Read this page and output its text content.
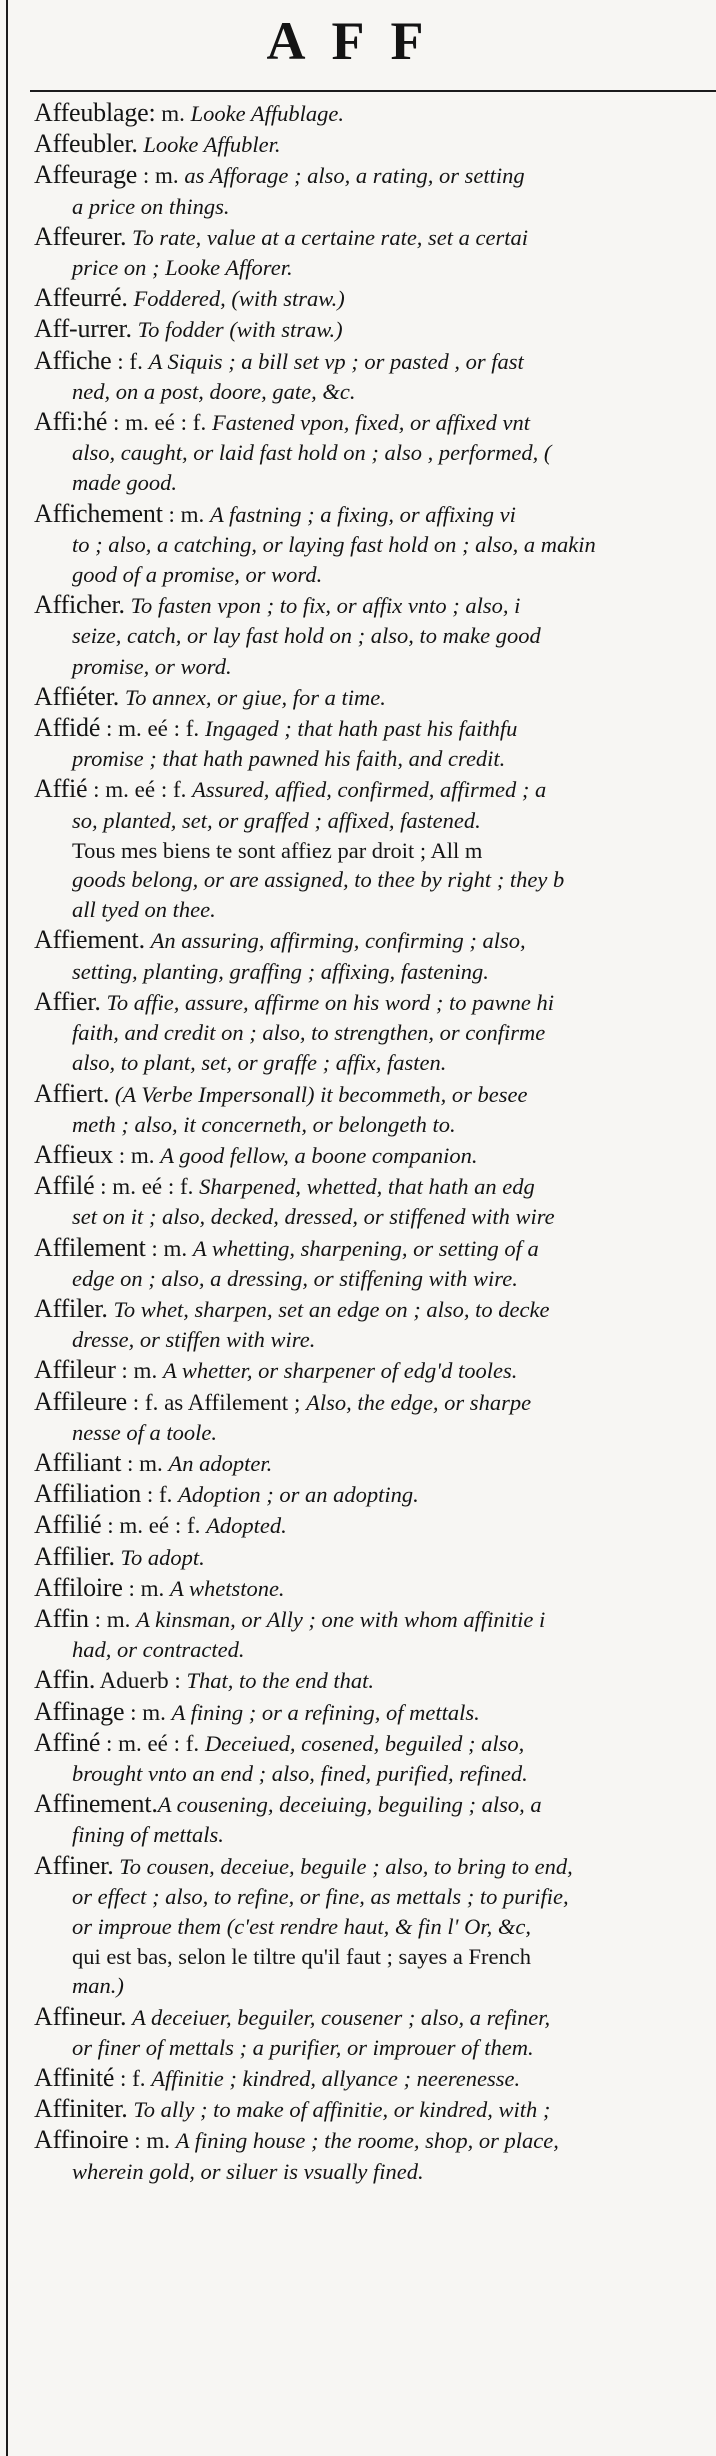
AFF
Affeublage: m. Looke Affublage.
Affeubler. Looke Affubler.
Affeurage : m. as Afforage ; also, a rating, or setting
a price on things.
Affeurer. To rate, value at a certaine rate, set a certai
price on ; Looke Afforer.
Affeurré. Foddered, (with straw.)
Aff-urrer. To fodder (with straw.)
Affiche : f. A Siquis ; a bill set vp ; or pasted , or fast
ned, on a post, doore, gate, &c.
Affi:hé : m. eé : f. Fastened vpon, fixed, or affixed vnt
also, caught, or laid fast hold on ; also , performed, (
made good.
Affichement : m. A fastning ; a fixing, or affixing vi
to ; also, a catching, or laying fast hold on ; also, a makin
good of a promise, or word.
Afficher. To fasten vpon ; to fix, or affix vnto ; also, i
seize, catch, or lay fast hold on ; also, to make good
promise, or word.
Affiéter. To annex, or giue, for a time.
Affidé : m. eé : f. Ingaged ; that hath past his faithfu
promise ; that hath pawned his faith, and credit.
Affié : m. eé : f. Assured, affied, confirmed, affirmed ; a
so, planted, set, or graffed ; affixed, fastened.
Tous mes biens te sont affiez par droit ; All m
goods belong, or are assigned, to thee by right ; they b
all tyed on thee.
Affiement. An assuring, affirming, confirming ; also,
setting, planting, graffing ; affixing, fastening.
Affier. To affie, assure, affirme on his word ; to pawne hi
faith, and credit on ; also, to strengthen, or confirme
also, to plant, set, or graffe ; affix, fasten.
Affiert. (A Verbe Impersonall) it becommeth, or besee
meth ; also, it concerneth, or belongeth to.
Affieux : m. A good fellow, a boone companion.
Affilé : m. eé : f. Sharpened, whetted, that hath an edg
set on it ; also, decked, dressed, or stiffened with wire
Affilement : m. A whetting, sharpening, or setting of a
edge on ; also, a dressing, or stiffening with wire.
Affiler. To whet, sharpen, set an edge on ; also, to decke
dresse, or stiffen with wire.
Affileur : m. A whetter, or sharpener of edg'd tooles.
Affileure : f. as Affilement ; Also, the edge, or sharpe
nesse of a toole.
Affiliant : m. An adopter.
Affiliation : f. Adoption ; or an adopting.
Affilié : m. eé : f. Adopted.
Affilier. To adopt.
Affiloire : m. A whetstone.
Affin : m. A kinsman, or Ally ; one with whom affinitie i
had, or contracted.
Affin. Aduerb : That, to the end that.
Affinage : m. A fining ; or a refining, of mettals.
Affiné : m. eé : f. Deceiued, cosened, beguiled ; also,
brought vnto an end ; also, fined, purified, refined.
Affinement.A cousening, deceiuing, beguiling ; also, a
fining of mettals.
Affiner. To cousen, deceiue, beguile ; also, to bring to end,
or effect ; also, to refine, or fine, as mettals ; to purifie,
or improue them (c'est rendre haut, & fin l' Or, &c,
qui est bas, selon le tiltre qu'il faut ; sayes a French
man.)
Affineur. A deceiuer, beguiler, cousener ; also, a refiner,
or finer of mettals ; a purifier, or improuer of them.
Affinité : f. Affinitie ; kindred, allyance ; neerenesse.
Affiniter. To ally ; to make of affinitie, or kindred, with ;
Affinoire : m. A fining house ; the roome, shop, or place,
wherein gold, or siluer is vsually fined.
